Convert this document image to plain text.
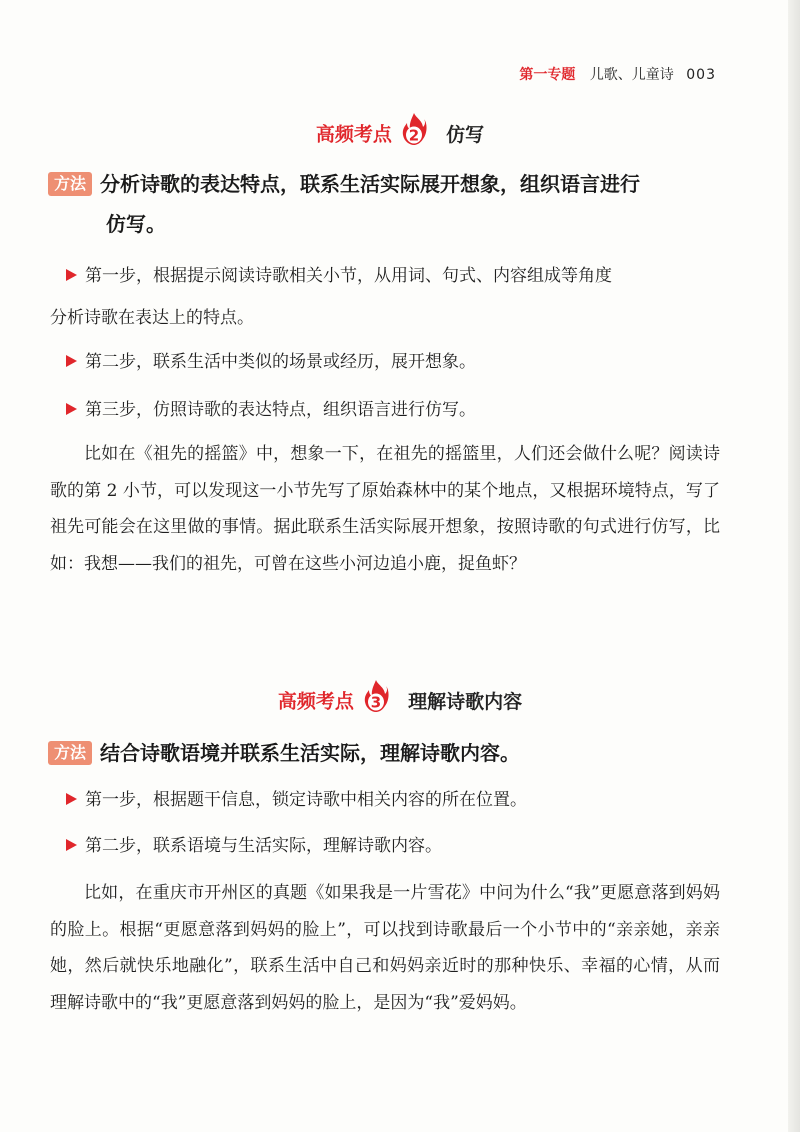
第一专题 儿歌、儿童诗 003
高频考点 2 仿写
方法 分析诗歌的表达特点，联系生活实际展开想象，组织语言进行
仿写。
第一步，根据提示阅读诗歌相关小节，从用词、句式、内容组成等角度
分析诗歌在表达上的特点。
第二步，联系生活中类似的场景或经历，展开想象。
第三步，仿照诗歌的表达特点，组织语言进行仿写。

比如在《祖先的摇篮》中，想象一下，在祖先的摇篮里，人们还会做什么呢？阅读诗歌的第 2 小节，可以发现这一小节先写了原始森林中的某个地点，又根据环境特点，写了祖先可能会在这里做的事情。据此联系生活实际展开想象，按照诗歌的句式进行仿写，比如：我想——我们的祖先，可曾在这些小河边追小鹿，捉鱼虾？

高频考点 3 理解诗歌内容
方法 结合诗歌语境并联系生活实际，理解诗歌内容。
第一步，根据题干信息，锁定诗歌中相关内容的所在位置。
第二步，联系语境与生活实际，理解诗歌内容。

比如，在重庆市开州区的真题《如果我是一片雪花》中问为什么“我”更愿意落到妈妈的脸上。根据“更愿意落到妈妈的脸上”，可以找到诗歌最后一个小节中的“亲亲她，亲亲她，然后就快乐地融化”，联系生活中自己和妈妈亲近时的那种快乐、幸福的心情，从而理解诗歌中的“我”更愿意落到妈妈的脸上，是因为“我”爱妈妈。
